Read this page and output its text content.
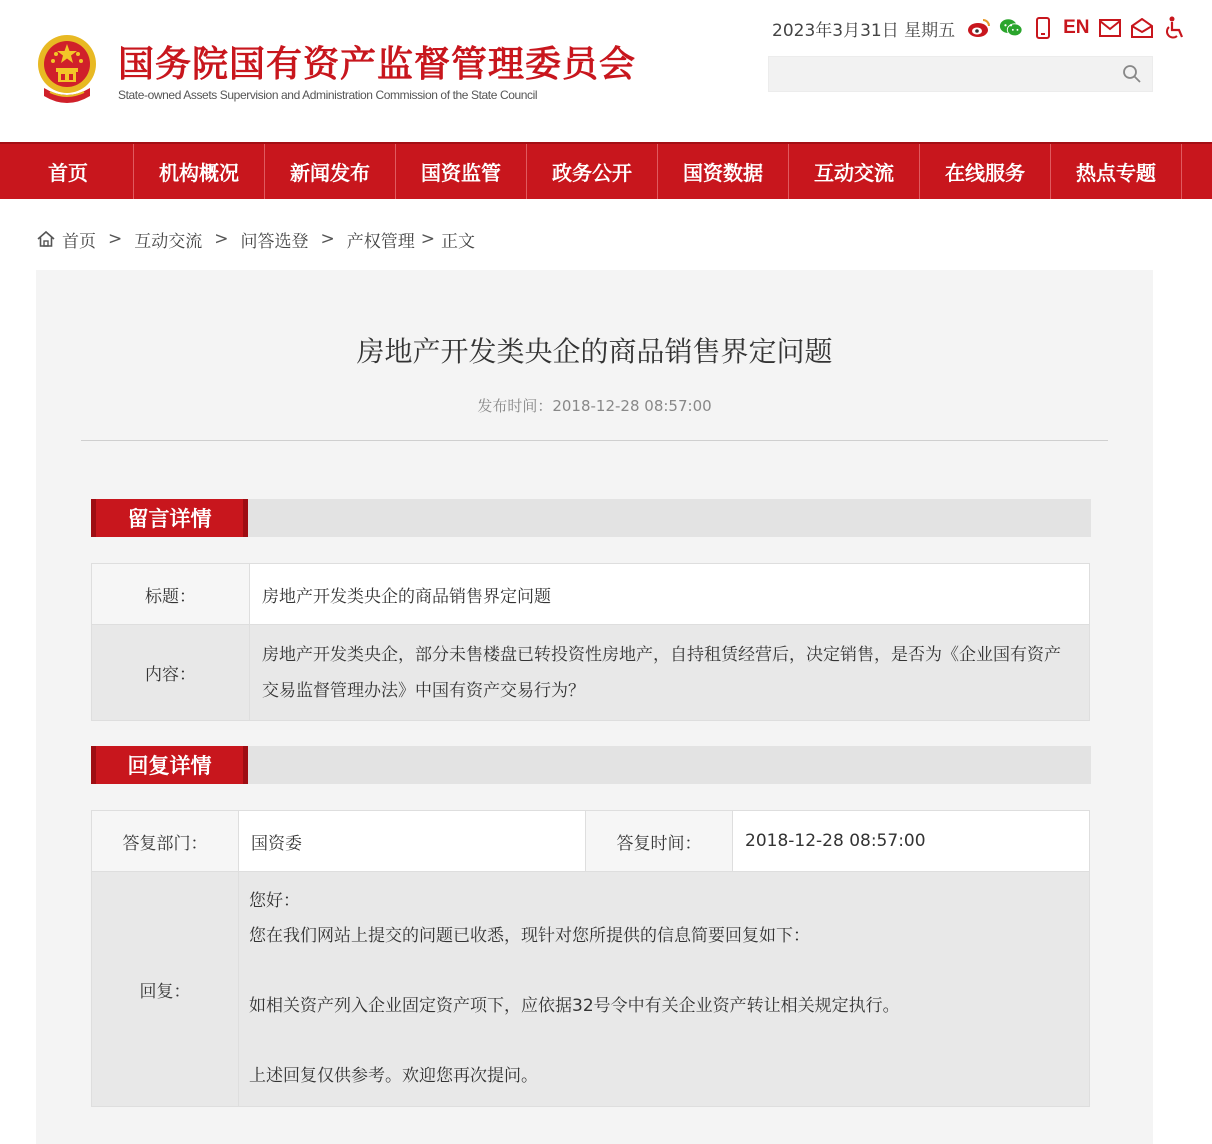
国务院国有资产监督管理委员会
State-owned Assets Supervision and Administration Commission of the State Council
2023年3月31日 星期五	EN
首页	机构概况	新闻发布	国资监管	政务公开	国资数据	互动交流	在线服务	热点专题
首页 > 互动交流 > 问答选登 > 产权管理 > 正文
房地产开发类央企的商品销售界定问题
发布时间：2018-12-28 08:57:00
留言详情
标题：	房地产开发类央企的商品销售界定问题
内容：	房地产开发类央企，部分未售楼盘已转投资性房地产，自持租赁经营后，决定销售，是否为《企业国有资产交易监督管理办法》中国有资产交易行为？
回复详情
答复部门：	国资委	答复时间：	2018-12-28 08:57:00
回复：	您好：
您在我们网站上提交的问题已收悉，现针对您所提供的信息简要回复如下：
如相关资产列入企业固定资产项下，应依据32号令中有关企业资产转让相关规定执行。
上述回复仅供参考。欢迎您再次提问。		
